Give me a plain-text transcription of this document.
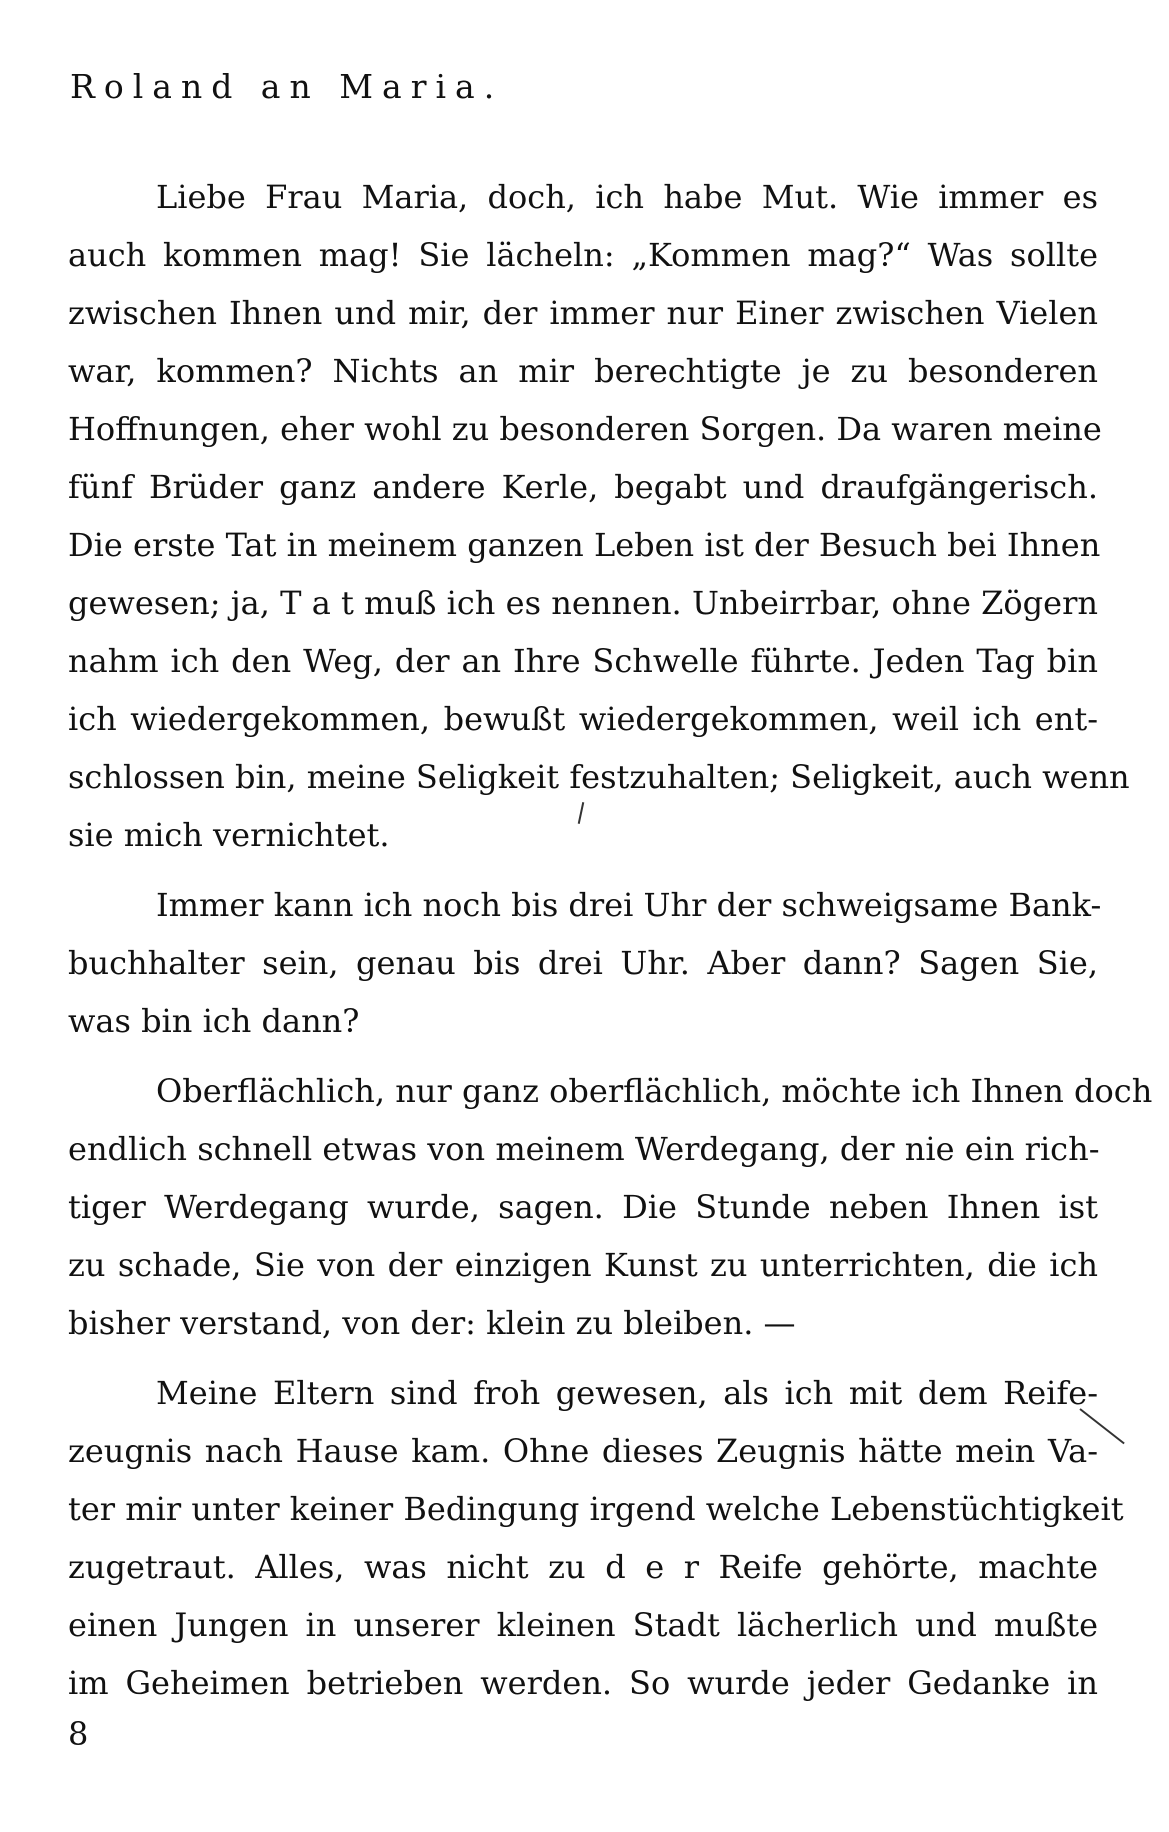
Roland an Maria.
Liebe Frau Maria, doch, ich habe Mut. Wie immer es
auch kommen mag! Sie lächeln: „Kommen mag?“ Was sollte
zwischen Ihnen und mir, der immer nur Einer zwischen Vielen
war, kommen? Nichts an mir berechtigte je zu besonderen
Hoffnungen, eher wohl zu besonderen Sorgen. Da waren meine
fünf Brüder ganz andere Kerle, begabt und draufgängerisch.
Die erste Tat in meinem ganzen Leben ist der Besuch bei Ihnen
gewesen; ja, T a t muß ich es nennen. Unbeirrbar, ohne Zögern
nahm ich den Weg, der an Ihre Schwelle führte. Jeden Tag bin
ich wiedergekommen, bewußt wiedergekommen, weil ich ent-
schlossen bin, meine Seligkeit festzuhalten; Seligkeit, auch wenn
sie mich vernichtet.
Immer kann ich noch bis drei Uhr der schweigsame Bank-
buchhalter sein, genau bis drei Uhr. Aber dann? Sagen Sie,
was bin ich dann?
Oberflächlich, nur ganz oberflächlich, möchte ich Ihnen doch
endlich schnell etwas von meinem Werdegang, der nie ein rich-
tiger Werdegang wurde, sagen. Die Stunde neben Ihnen ist
zu schade, Sie von der einzigen Kunst zu unterrichten, die ich
bisher verstand, von der: klein zu bleiben. —
Meine Eltern sind froh gewesen, als ich mit dem Reife-
zeugnis nach Hause kam. Ohne dieses Zeugnis hätte mein Va-
ter mir unter keiner Bedingung irgend welche Lebenstüchtigkeit
zugetraut. Alles, was nicht zu d e r Reife gehörte, machte
einen Jungen in unserer kleinen Stadt lächerlich und mußte
im Geheimen betrieben werden. So wurde jeder Gedanke in
8
